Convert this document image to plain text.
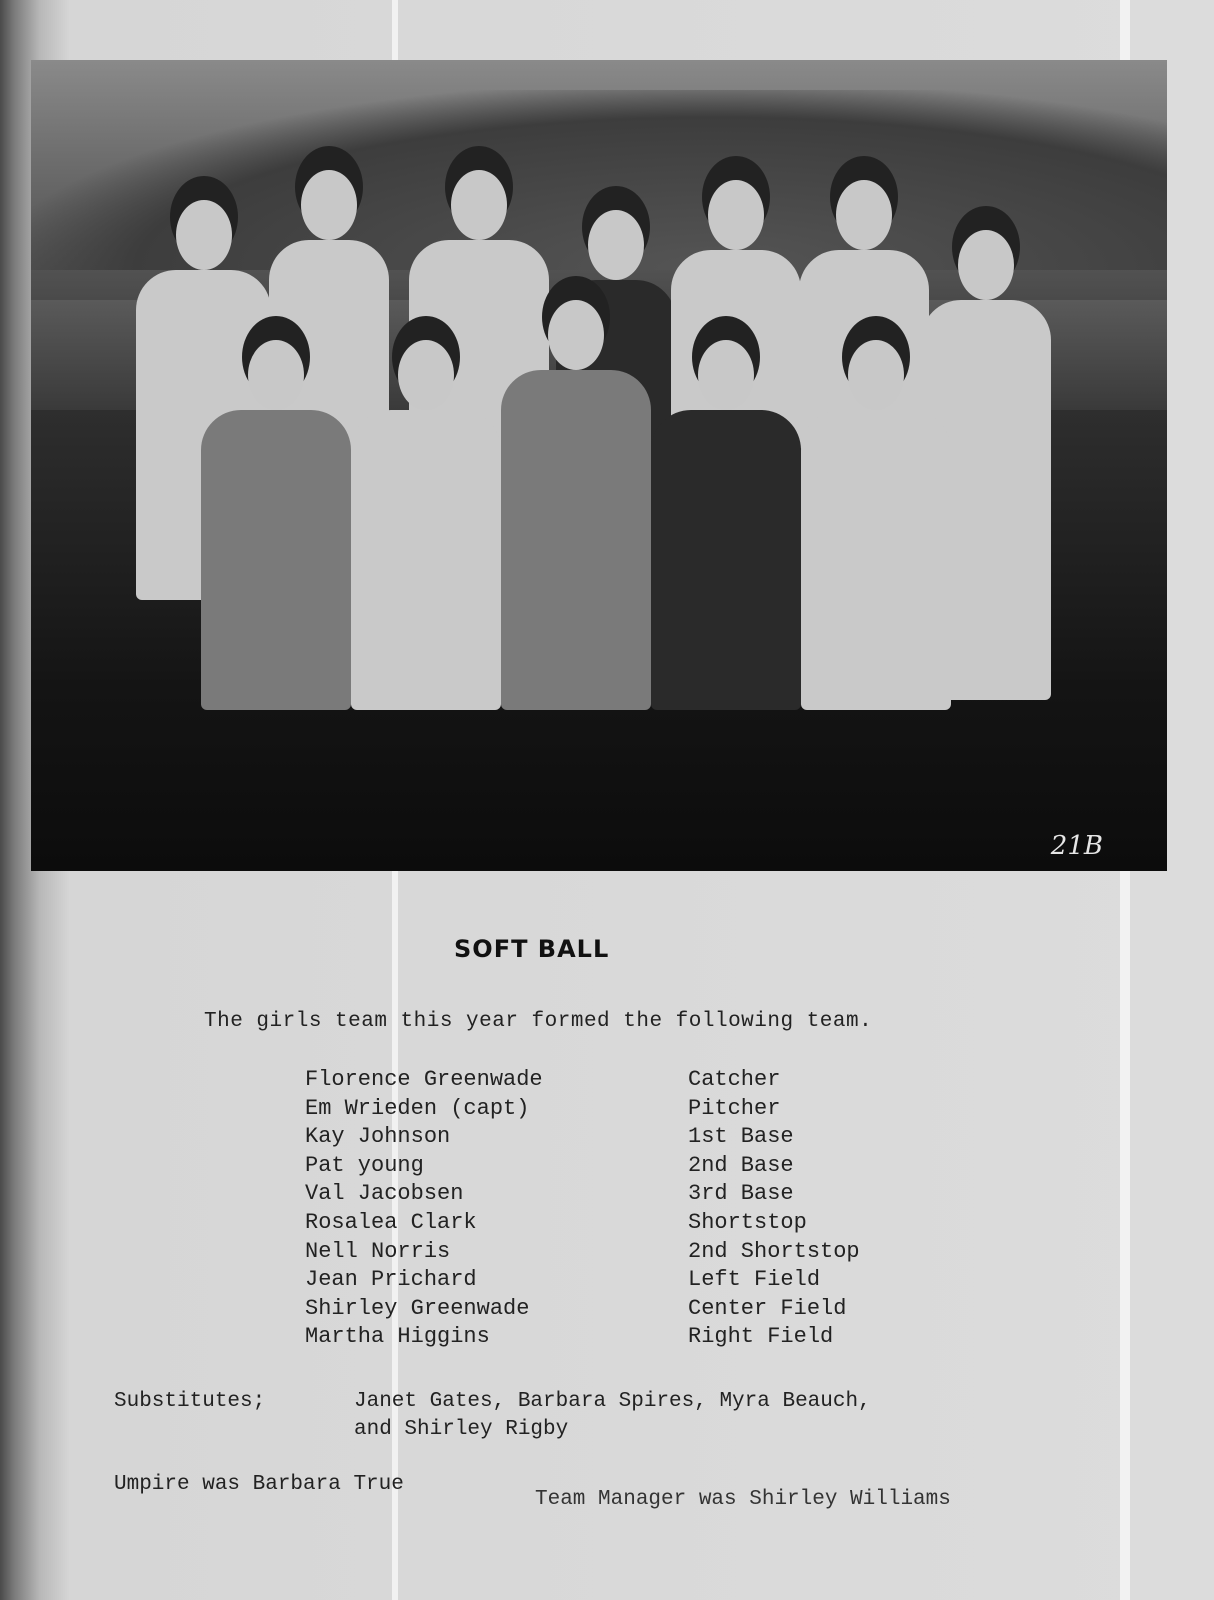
21B
SOFT BALL
The girls team this year formed the following team.
Florence Greenwade	Catcher
Em Wrieden (capt)	Pitcher
Kay Johnson	1st Base
Pat young	2nd Base
Val Jacobsen	3rd Base
Rosalea Clark	Shortstop
Nell Norris	2nd Shortstop
Jean Prichard	Left Field
Shirley Greenwade	Center Field
Martha Higgins	Right Field
Substitutes;	Janet Gates, Barbara Spires, Myra Beauch,
and Shirley Rigby
Umpire was Barbara True
Team Manager was Shirley Williams
